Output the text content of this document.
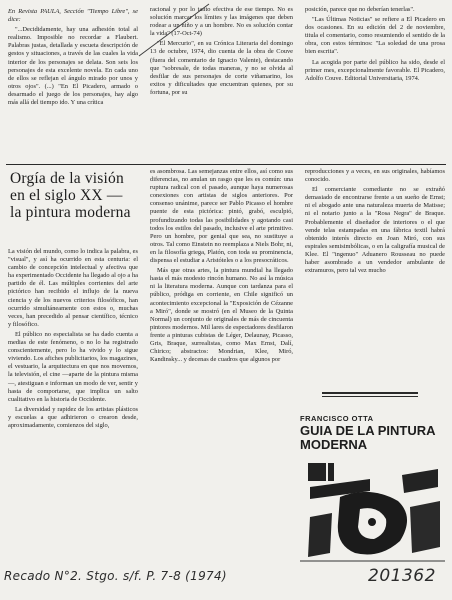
En Revista PAULA, Sección "Tiempo Libre", se dice:

"...Decididamente, hay una adhesión total al realismo. Imposible no recordar a Flaubert. Palabras justas, detallada y escueta descripción de gestos y situaciones, a través de las cuales la vida interior de los personajes se delata. Son seis los personajes de esta excelente novela. En cada uno de ellos se reflejan el ángulo mirado por unos y otros ojos". (...) "En El Picadero, armado o desarmado el juego de los personajes, hay algo más allá del tiempo ido. Y una crítica

racional y por lo tanto efectiva de ese tiempo. No es solución marcar los límites y las imágenes que deben rodear a un niño y a un hombre. No es solución contar la vida" (17-Oct-74)

"El Mercurio", en su Crónica Literaria del domingo 13 de octubre, 1974, dio cuenta de la obra de Couve (fuera del comentario de Ignacio Valente), destacando que "sobresale, de todas maneras, y no se olvida al desfilar de sus personajes de corte viñamarino, los exitos y dificultades que encuentran quienes, por su fortuna, por su

posición, parece que no deberían tenerlas".

"Las Últimas Noticias" se refiere a El Picadero en dos ocasiones. En su edición del 2 de noviembre, titula el comentario, como resumiendo el sentido de la obra, con estos términos: "La soledad de una prosa bien escrita".

La acogida por parte del público ha sido, desde el primer mes, excepcionalmente favorable. El Picadero, Adolfo Couve. Editorial Universitaria, 1974.

Orgía de la visión en el siglo XX — la pintura moderna

La visión del mundo, como lo indica la palabra, es "visual", y así ha ocurrido en esta centuria: el cambio de concepción intelectual y afectiva que ha experimentado Occidente ha llegado al ojo a ha partido de él. Las múltiples corrientes del arte pictórico han recibido el influjo de la nueva ciencia y de los nuevos criterios filosóficos, han ocurrido simultáneamente con estos o, muchas veces, han precedido al pensar científico, técnico y filosófico.

El público no especialista se ha dado cuenta a medias de este fenómeno, o no lo ha registrado conscientemente, pero lo ha vivido y lo sigue viviendo. Los afiches publicitarios, los magazines, el vestuario, la arquitectura en que nos movemos, la televisión, el cine —aparte de la pintura misma—, atestiguan e informan un modo de ver, sentir y hasta de comportarse, que implica un salto cualitativo en la historia de Occidente.

La diversidad y rapidez de los artistas plásticos y escuelas a que adhirieron o crearon desde, aproximadamente, comienzos del siglo,

es asombrosa. Las semejanzas entre ellos, así como sus diferencias, no anulan un rasgo que les es común: una ruptura radical con el pasado, aunque haya numerosas conexiones con artistas de siglos anteriores. Por consenso unánime, parece ser Pablo Picasso el hombre puente de esta pictórica: pintó, grabó, esculpió, profundizando todas las posibilidades y agotando casi todos los estilos del pasado, inclusive el arte primitivo. Pero un hombre, por genial que sea, no sustituye a otros. Tal como Einstein no reemplaza a Niels Bohr, ni, en la filosofía griega, Platón, con toda su prominencia, dispensa el estudiar a Aristóteles o a los presocráticos.

Más que otras artes, la pintura mundial ha llegado hasta el más modesto rincón humano. No así la música ni la literatura moderna. Aunque con tardanza para el público, pródiga en corriente, en Chile significó un acontecimiento excepcional la "Exposición de Cézanne a Miró", donde se mostró (en el Museo de la Quinta Normal) un conjunto de originales de más de cincuenta pintores modernos. Mil lares de espectadores desfilaron frente a pinturas cubistas de Léger, Delaunay, Picasso, Gris, Braque, surrealistas, como Max Ernst, Dalí, Chirico; abstractos: Mondrian, Klee, Miró, Kandinsky... y decenas de cuadros que algunos por

reproducciones y a veces, en sus originales, habíamos conocido.

El comerciante comediante no se extrañó demasiado de encontrarse frente a un sueño de Ernst; ni el abogado ante una naturaleza muerta de Matisse; ni el notario junto a la "Rosa Negra" de Braque. Probablemente el diseñador de interiores o el que vende telas estampadas en una fábrica textil habrá obtenido interés directo en Joan Miró, con sus espirales semisimbólicas, o en la caligrafía musical de Klee. El "ingenuo" Aduanero Rousseau no puede haber asombrado a un vendedor ambulante de extramuros, pero tal vez mucho

FRANCISCO OTTA
GUIA DE LA PINTURA MODERNA
Recado N°2. Stgo. s/f. P. 7-8 (1974)	201362
